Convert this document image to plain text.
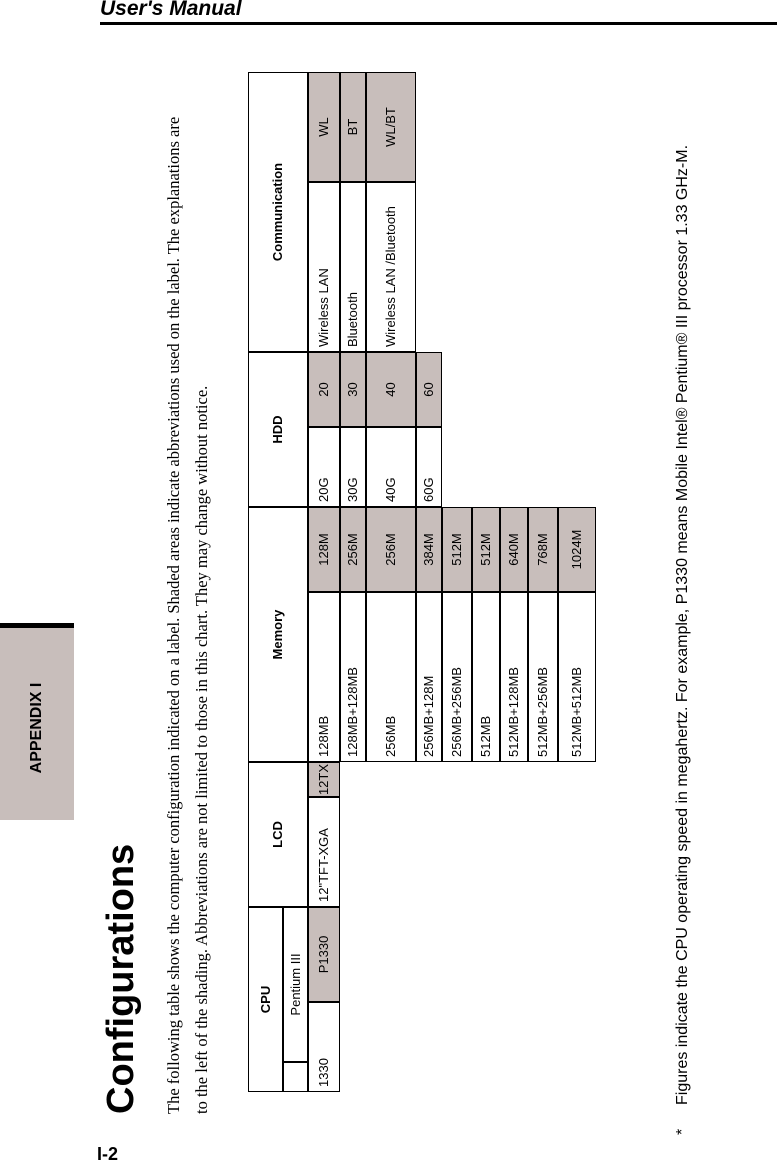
User's Manual
APPENDIX I
I-2
Configurations The following table shows the computer configuration indicated on a label. Shaded areas indicate abbreviations used on the label. The explanations are to the left of the shading. Abbreviations are not limited to those in this chart. They may change without notice.	CPU	Pentium III
LCD
Memory
HDD
Communication
1330
P1330
12"TFT-XGA
12TX
128MB
128M
128MB+128MB
256M
256MB
256M
256MB+128M
384M
256MB+256MB
512M
512MB
512M
512MB+128MB
640M
512MB+256MB
768M
512MB+512MB
1024M
20G
20
30G
30
40G
40
60G
60
Wireless LAN
WL
Bluetooth
BT
Wireless LAN /Bluetooth
WL/BT
*
Figures indicate the CPU operating speed in megahertz. For example, P1330 means Mobile Intel® Pentium® III processor 1.33 GHz-M.
